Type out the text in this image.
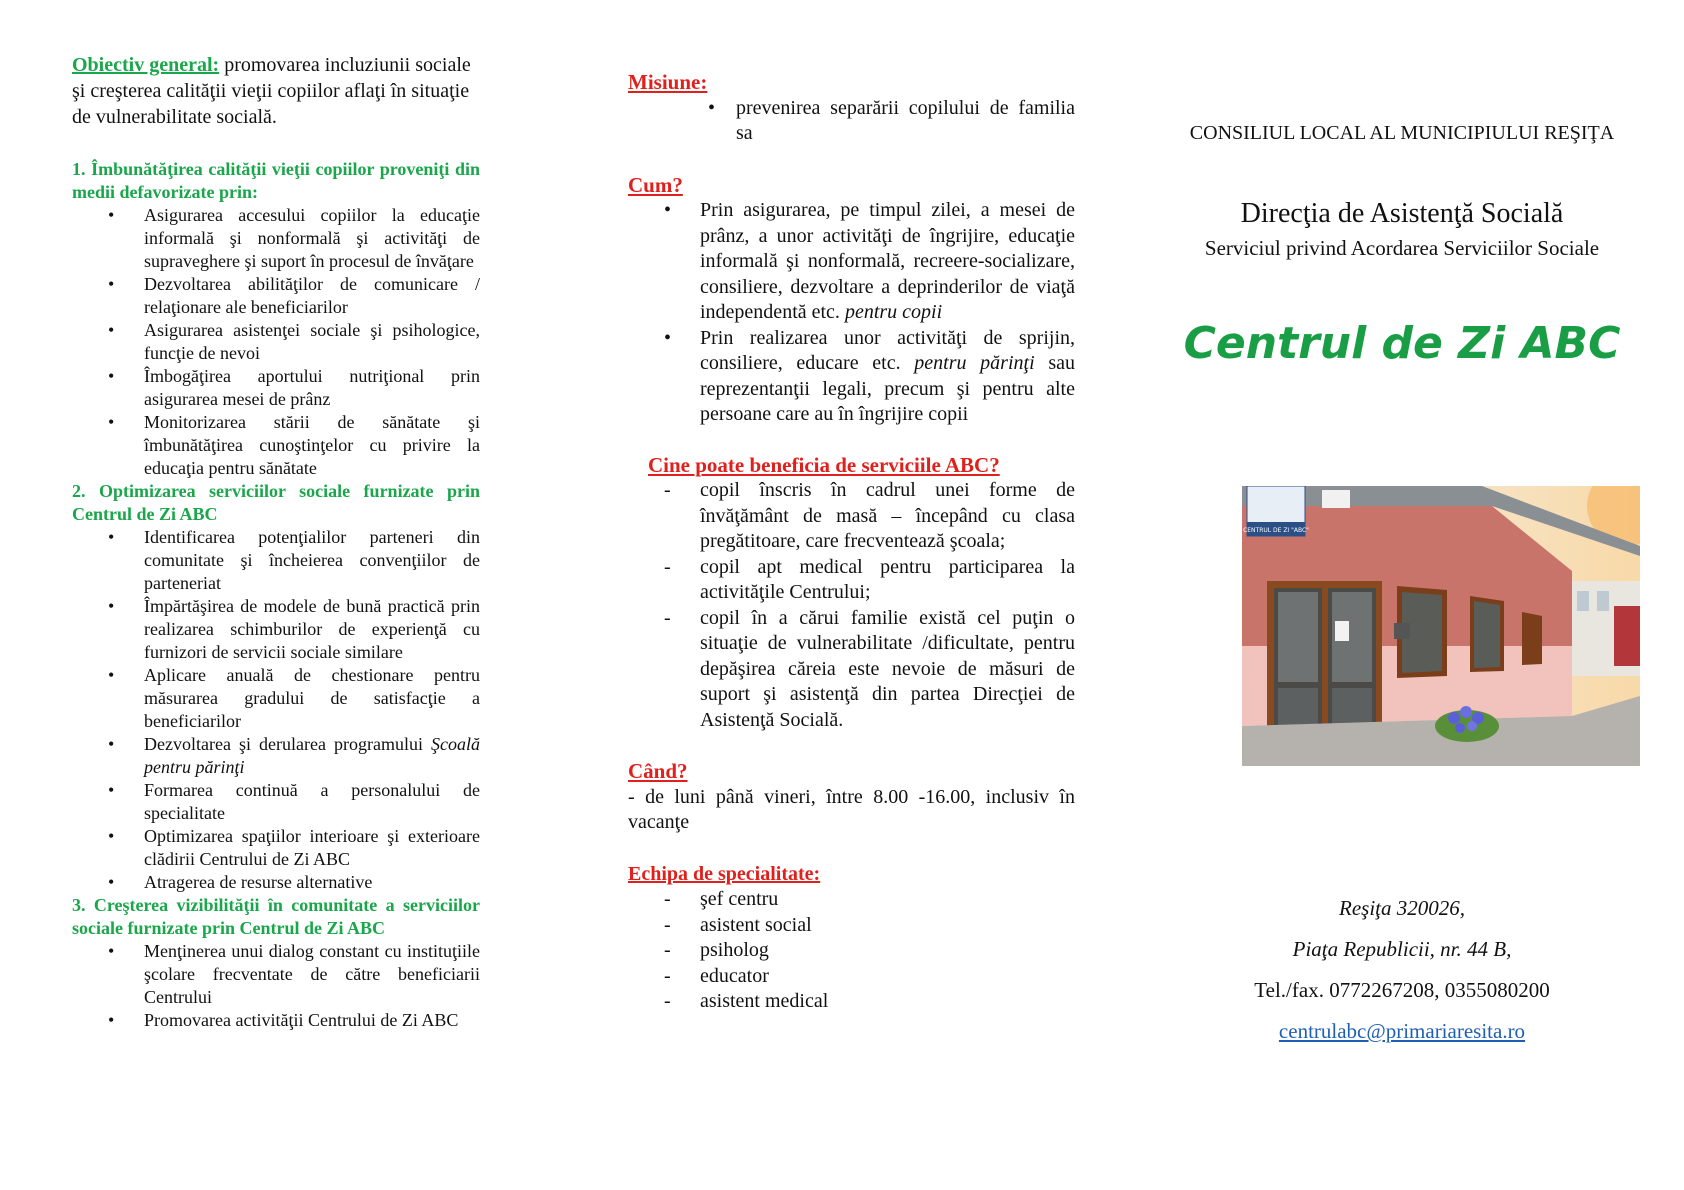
Obiectiv general: promovarea incluziunii sociale şi creşterea calităţii vieţii copiilor aflaţi în situaţie de vulnerabilitate socială.

1. Îmbunătăţirea calităţii vieţii copiilor proveniţi din medii defavorizate prin:
• Asigurarea accesului copiilor la educaţie informală şi nonformală şi activităţi de supraveghere şi suport în procesul de învăţare
• Dezvoltarea abilităţilor de comunicare / relaţionare ale beneficiarilor
• Asigurarea asistenţei sociale şi psihologice, funcţie de nevoi
• Îmbogăţirea aportului nutriţional prin asigurarea mesei de prânz
• Monitorizarea stării de sănătate şi îmbunătăţirea cunoştinţelor cu privire la educaţia pentru sănătate
2. Optimizarea serviciilor sociale furnizate prin Centrul de Zi ABC
• Identificarea potenţialilor parteneri din comunitate şi încheierea convenţiilor de parteneriat
• Împărtăşirea de modele de bună practică prin realizarea schimburilor de experienţă cu furnizori de servicii sociale similare
• Aplicare anuală de chestionare pentru măsurarea gradului de satisfacţie a beneficiarilor
• Dezvoltarea şi derularea programului Şcoală pentru părinţi
• Formarea continuă a personalului de specialitate
• Optimizarea spaţiilor interioare şi exterioare clădirii Centrului de Zi ABC
• Atragerea de resurse alternative
3. Creşterea vizibilităţii în comunitate a serviciilor sociale furnizate prin Centrul de Zi ABC
• Menţinerea unui dialog constant cu instituţiile şcolare frecventate de către beneficiarii Centrului
• Promovarea activităţii Centrului de Zi ABC

Misiune:

• prevenirea separării copilului de familia sa

Cum?

• Prin asigurarea, pe timpul zilei, a mesei de prânz, a unor activităţi de îngrijire, educaţie informală şi nonformală, recreere-socializare, consiliere, dezvoltare a deprinderilor de viaţă independentă etc. pentru copii
• Prin realizarea unor activităţi de sprijin, consiliere, educare etc. pentru părinţi sau reprezentanţii legali, precum şi pentru alte persoane care au în îngrijire copii

Cine poate beneficia de serviciile ABC?

- copil înscris în cadrul unei forme de învăţământ de masă – începând cu clasa pregătitoare, care frecventează şcoala;
- copil apt medical pentru participarea la activităţile Centrului;
- copil în a cărui familie există cel puţin o situaţie de vulnerabilitate /dificultate, pentru depăşirea căreia este nevoie de măsuri de suport şi asistenţă din partea Direcţiei de Asistenţă Socială.

Când?

- de luni până vineri, între 8.00 -16.00, inclusiv în vacanţe

Echipa de specialitate:

- şef centru
- asistent social
- psiholog
- educator
- asistent medical
CONSILIUL LOCAL AL MUNICIPIULUI REŞIŢA
Direcţia de Asistenţă Socială
Serviciul privind Acordarea Serviciilor Sociale
Centrul de Zi ABC
CENTRUL DE ZI "ABC"
Reşiţa 320026,
Piaţa Republicii, nr. 44 B,
Tel./fax. 0772267208, 0355080200
centrulabc@primariaresita.ro
